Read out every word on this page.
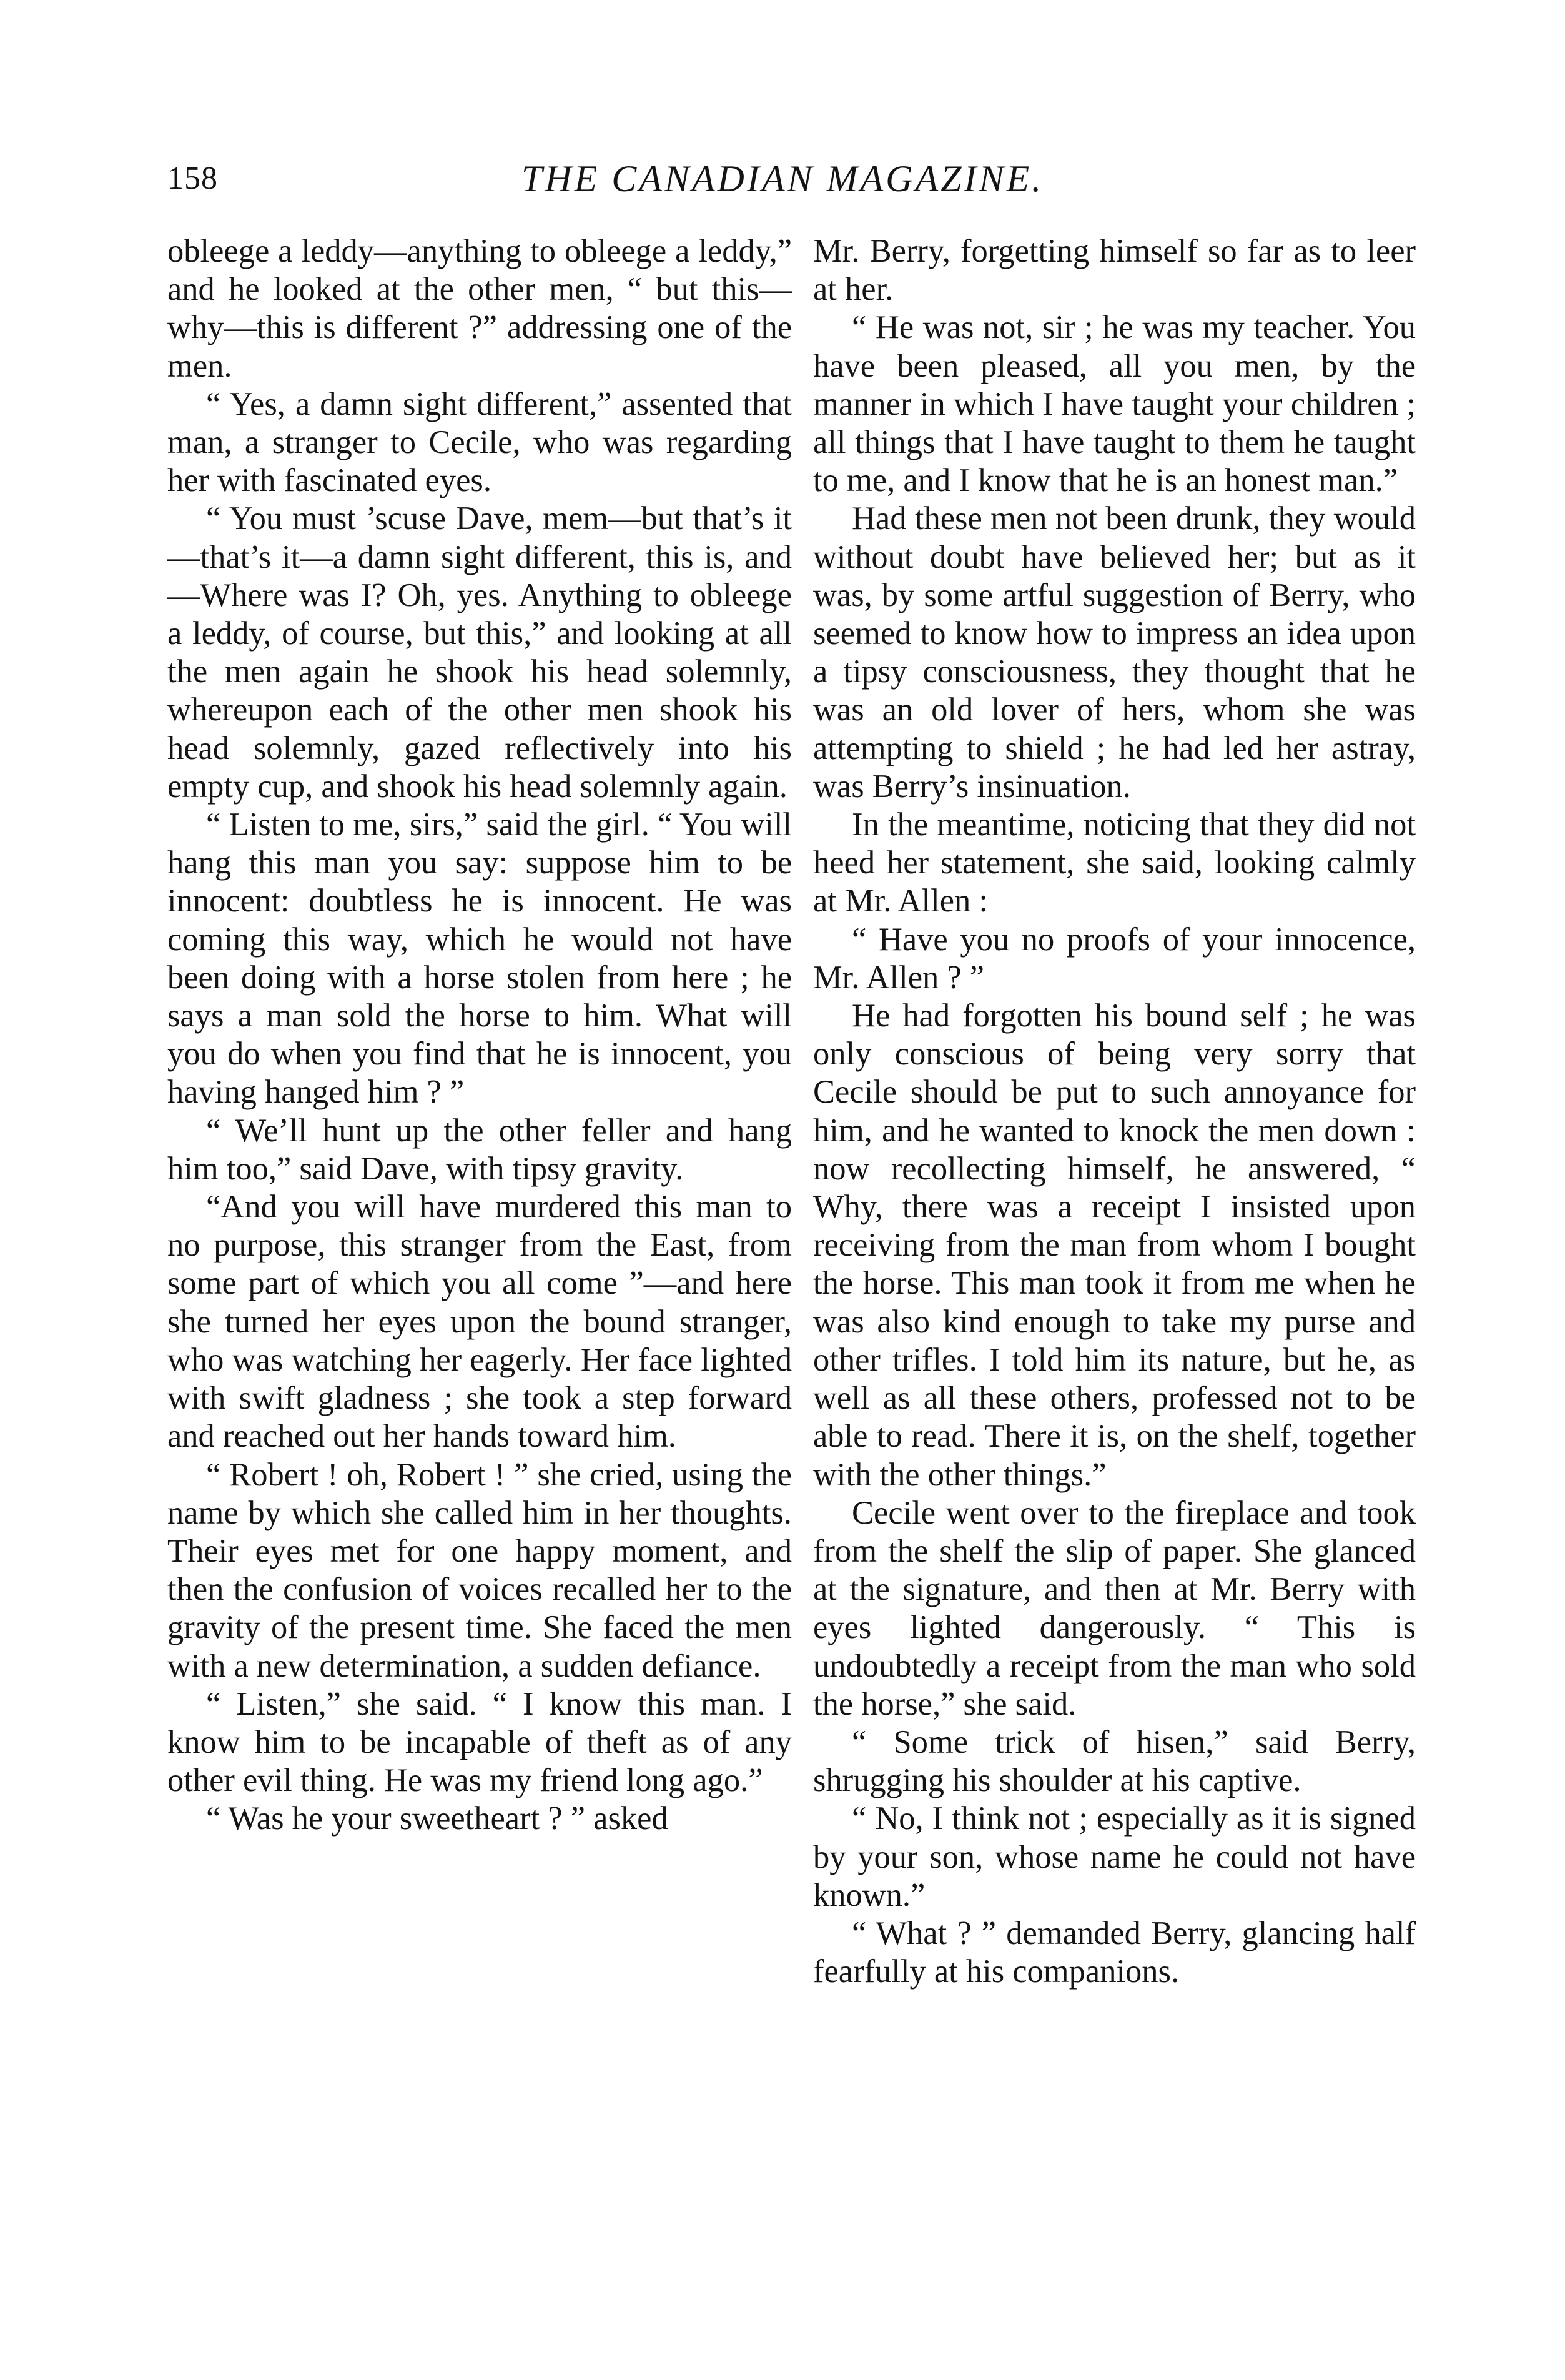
158	THE CANADIAN MAGAZINE.

obleege a leddy—anything to obleege a leddy,” and he looked at the other men, “ but this—why—this is different ?” addressing one of the men.

“ Yes, a damn sight different,” assented that man, a stranger to Cecile, who was regarding her with fascinated eyes.

“ You must ’scuse Dave, mem—but that’s it—that’s it—a damn sight different, this is, and—Where was I? Oh, yes. Anything to obleege a leddy, of course, but this,” and looking at all the men again he shook his head solemnly, whereupon each of the other men shook his head solemnly, gazed reflectively into his empty cup, and shook his head solemnly again.

“ Listen to me, sirs,” said the girl. “ You will hang this man you say: suppose him to be innocent: doubtless he is innocent. He was coming this way, which he would not have been doing with a horse stolen from here ; he says a man sold the horse to him. What will you do when you find that he is innocent, you having hanged him ? ”

“ We’ll hunt up the other feller and hang him too,” said Dave, with tipsy gravity.

“And you will have murdered this man to no purpose, this stranger from the East, from some part of which you all come ”—and here she turned her eyes upon the bound stranger, who was watching her eagerly. Her face lighted with swift gladness ; she took a step forward and reached out her hands toward him.

“ Robert ! oh, Robert ! ” she cried, using the name by which she called him in her thoughts. Their eyes met for one happy moment, and then the confusion of voices recalled her to the gravity of the present time. She faced the men with a new determination, a sudden defiance.

“ Listen,” she said. “ I know this man. I know him to be incapable of theft as of any other evil thing. He was my friend long ago.”

“ Was he your sweetheart ? ” asked

Mr. Berry, forgetting himself so far as to leer at her.

“ He was not, sir ; he was my teacher. You have been pleased, all you men, by the manner in which I have taught your children ; all things that I have taught to them he taught to me, and I know that he is an honest man.”

Had these men not been drunk, they would without doubt have believed her; but as it was, by some artful suggestion of Berry, who seemed to know how to impress an idea upon a tipsy consciousness, they thought that he was an old lover of hers, whom she was attempting to shield ; he had led her astray, was Berry’s insinuation.

In the meantime, noticing that they did not heed her statement, she said, looking calmly at Mr. Allen :

“ Have you no proofs of your innocence, Mr. Allen ? ”

He had forgotten his bound self ; he was only conscious of being very sorry that Cecile should be put to such annoyance for him, and he wanted to knock the men down : now recollecting himself, he answered, “ Why, there was a receipt I insisted upon receiving from the man from whom I bought the horse. This man took it from me when he was also kind enough to take my purse and other trifles. I told him its nature, but he, as well as all these others, professed not to be able to read. There it is, on the shelf, together with the other things.”

Cecile went over to the fireplace and took from the shelf the slip of paper. She glanced at the signature, and then at Mr. Berry with eyes lighted dangerously. “ This is undoubtedly a receipt from the man who sold the horse,” she said.

“ Some trick of hisen,” said Berry, shrugging his shoulder at his captive.

“ No, I think not ; especially as it is signed by your son, whose name he could not have known.”

“ What ? ” demanded Berry, glancing half fearfully at his companions.
